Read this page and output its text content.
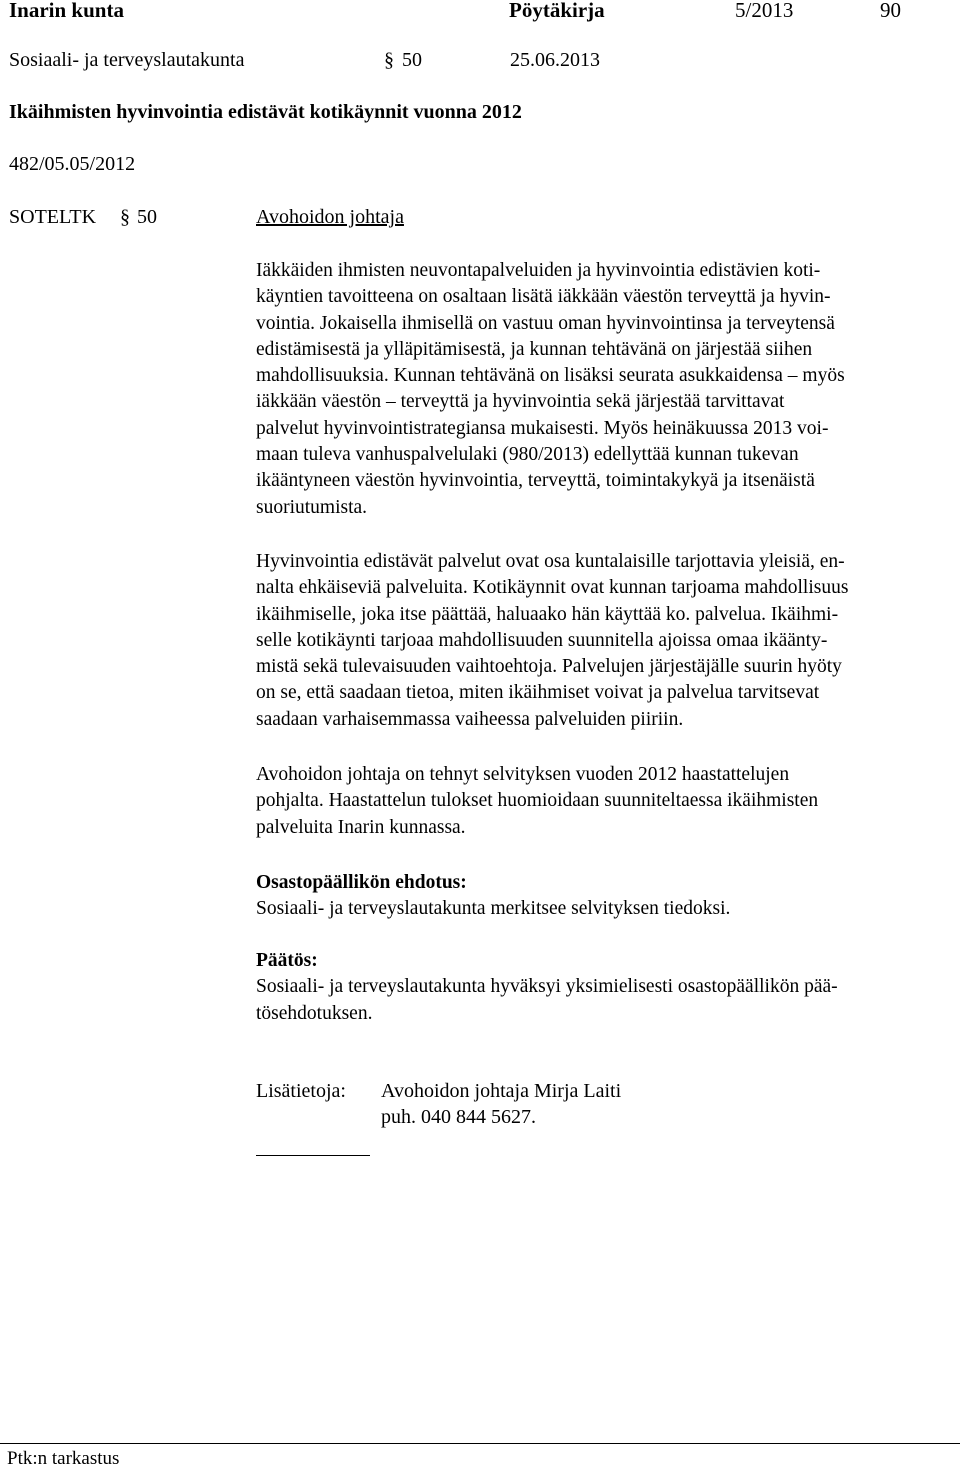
Inarin kunta	Pöytäkirja	5/2013	90
Sosiaali- ja terveyslautakunta	§ 50	25.06.2013
Ikäihmisten hyvinvointia edistävät kotikäynnit vuonna 2012
482/05.05/2012
SOTELTK § 50	Avohoidon johtaja
Iäkkäiden ihmisten neuvontapalveluiden ja hyvinvointia edistävien koti-
käyntien tavoitteena on osaltaan lisätä iäkkään väestön terveyttä ja hyvin-
vointia. Jokaisella ihmisellä on vastuu oman hyvinvointinsa ja terveytensä
edistämisestä ja ylläpitämisestä, ja kunnan tehtävänä on järjestää siihen
mahdollisuuksia. Kunnan tehtävänä on lisäksi seurata asukkaidensa – myös
iäkkään väestön – terveyttä ja hyvinvointia sekä järjestää tarvittavat
palvelut hyvinvointistrategiansa mukaisesti. Myös heinäkuussa 2013 voi-
maan tuleva vanhuspalvelulaki (980/2013) edellyttää kunnan tukevan
ikääntyneen väestön hyvinvointia, terveyttä, toimintakykyä ja itsenäistä
suoriutumista.
Hyvinvointia edistävät palvelut ovat osa kuntalaisille tarjottavia yleisiä, en-
nalta ehkäiseviä palveluita. Kotikäynnit ovat kunnan tarjoama mahdollisuus
ikäihmiselle, joka itse päättää, haluaako hän käyttää ko. palvelua. Ikäihmi-
selle kotikäynti tarjoaa mahdollisuuden suunnitella ajoissa omaa ikäänty-
mistä sekä tulevaisuuden vaihtoehtoja. Palvelujen järjestäjälle suurin hyöty
on se, että saadaan tietoa, miten ikäihmiset voivat ja palvelua tarvitsevat
saadaan varhaisemmassa vaiheessa palveluiden piiriin.
Avohoidon johtaja on tehnyt selvityksen vuoden 2012 haastattelujen
pohjalta. Haastattelun tulokset huomioidaan suunniteltaessa ikäihmisten
palveluita Inarin kunnassa.
Osastopäällikön ehdotus:
Sosiaali- ja terveyslautakunta merkitsee selvityksen tiedoksi.
Päätös:
Sosiaali- ja terveyslautakunta hyväksyi yksimielisesti osastopäällikön pää-
tösehdotuksen.
Lisätietoja: Avohoidon johtaja Mirja Laiti
puh. 040 844 5627.
Ptk:n tarkastus
